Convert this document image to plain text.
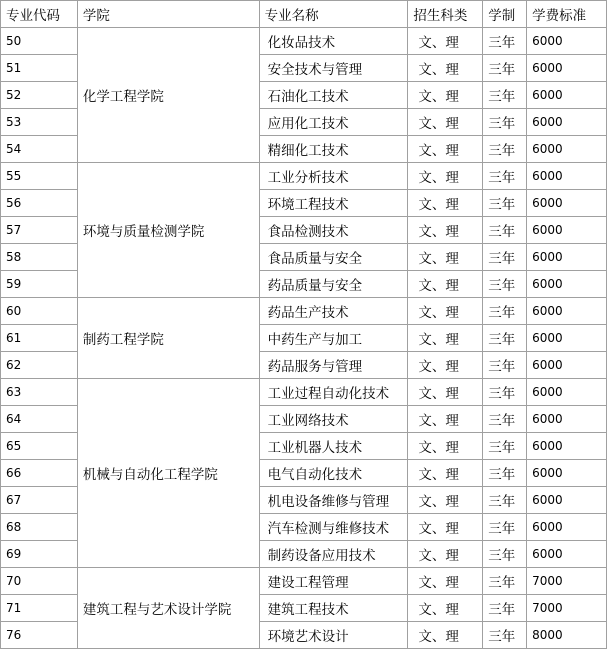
专业代码	学院	专业名称	招生科类	学制	学费标准
50	化学工程学院	化妆品技术	文、理	三年	6000
51		安全技术与管理	文、理	三年	6000
52		石油化工技术	文、理	三年	6000
53		应用化工技术	文、理	三年	6000
54		精细化工技术	文、理	三年	6000
55	环境与质量检测学院	工业分析技术	文、理	三年	6000
56		环境工程技术	文、理	三年	6000
57		食品检测技术	文、理	三年	6000
58		食品质量与安全	文、理	三年	6000
59		药品质量与安全	文、理	三年	6000
60	制药工程学院	药品生产技术	文、理	三年	6000
61		中药生产与加工	文、理	三年	6000
62		药品服务与管理	文、理	三年	6000
63	机械与自动化工程学院	工业过程自动化技术	文、理	三年	6000
64		工业网络技术	文、理	三年	6000
65		工业机器人技术	文、理	三年	6000
66		电气自动化技术	文、理	三年	6000
67		机电设备维修与管理	文、理	三年	6000
68		汽车检测与维修技术	文、理	三年	6000
69		制药设备应用技术	文、理	三年	6000
70	建筑工程与艺术设计学院	建设工程管理	文、理	三年	7000
71		建筑工程技术	文、理	三年	7000
76		环境艺术设计	文、理	三年	8000
